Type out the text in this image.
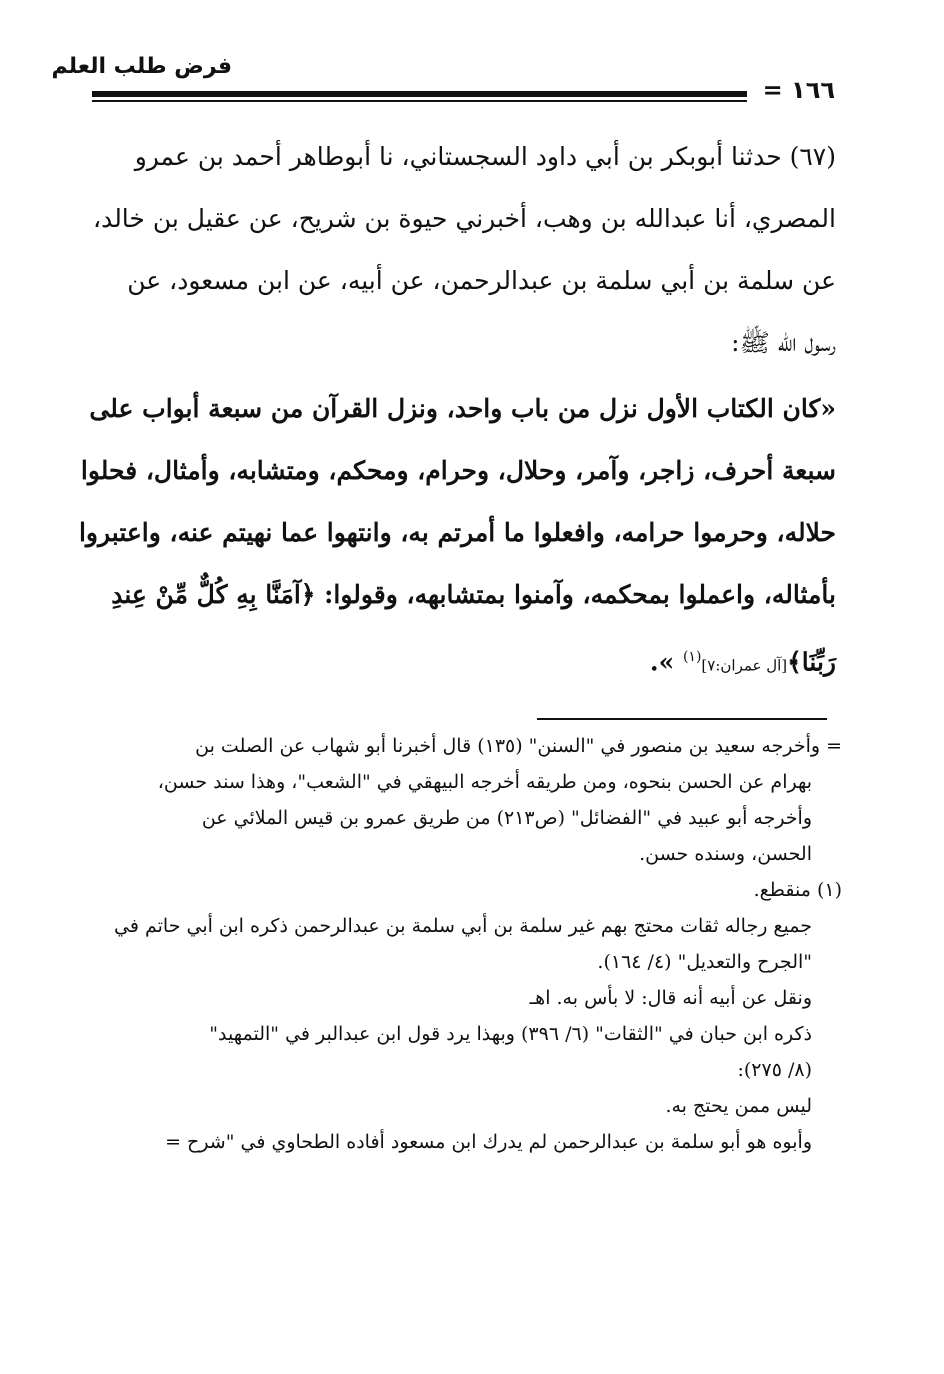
فرض طلب العلم
١٦٦ =
(٦٧) حدثنا أبوبكر بن أبي داود السجستاني، نا أبوطاهر أحمد بن عمرو
المصري، أنا عبدالله بن وهب، أخبرني حيوة بن شريح، عن عقيل بن خالد،
عن سلمة بن أبي سلمة بن عبدالرحمن، عن أبيه، عن ابن مسعود، عن
رسول الله ﷺ:
«كان الكتاب الأول نزل من باب واحد، ونزل القرآن من سبعة أبواب على
سبعة أحرف، زاجر، وآمر، وحلال، وحرام، ومحكم، ومتشابه، وأمثال، فحلوا
حلاله، وحرموا حرامه، وافعلوا ما أمرتم به، وانتهوا عما نهيتم عنه، واعتبروا
بأمثاله، واعملوا بمحكمه، وآمنوا بمتشابهه، وقولوا: ﴿آمَنَّا بِهِ كُلٌّ مِّنْ عِندِ
رَبِّنَا﴾[آل عمران:٧]$^{(١)}$ ».
= وأخرجه سعيد بن منصور في "السنن" (١٣٥) قال أخبرنا أبو شهاب عن الصلت بن
بهرام عن الحسن بنحوه، ومن طريقه أخرجه البيهقي في "الشعب"، وهذا سند حسن،
وأخرجه أبو عبيد في "الفضائل" (ص٢١٣) من طريق عمرو بن قيس الملائي عن
الحسن، وسنده حسن.
(١) منقطع.
جميع رجاله ثقات محتج بهم غير سلمة بن أبي سلمة بن عبدالرحمن ذكره ابن أبي حاتم في
"الجرح والتعديل" (٤/ ١٦٤).
ونقل عن أبيه أنه قال: لا بأس به. اهـ
ذكره ابن حبان في "الثقات" (٦/ ٣٩٦) وبهذا يرد قول ابن عبدالبر في "التمهيد"
(٨/ ٢٧٥):
ليس ممن يحتج به.
وأبوه هو أبو سلمة بن عبدالرحمن لم يدرك ابن مسعود أفاده الطحاوي في "شرح =
